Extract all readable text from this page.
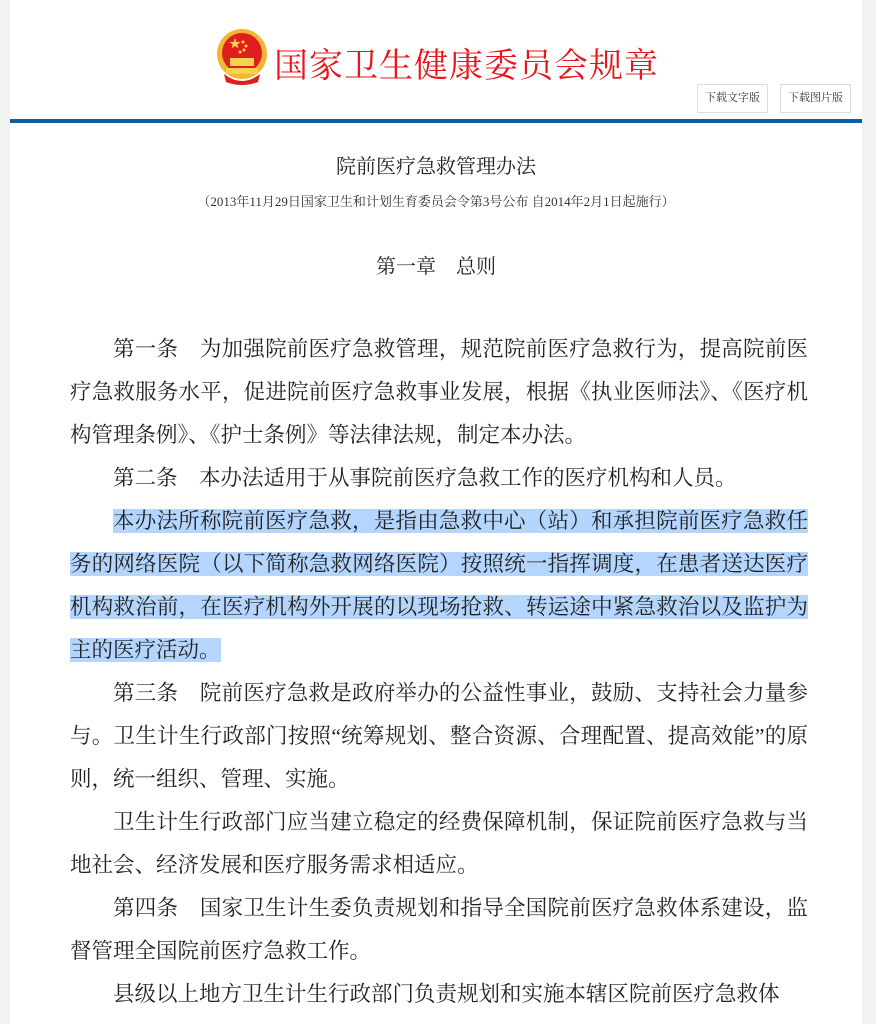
国家卫生健康委员会规章
下载文字版	下载图片版
院前医疗急救管理办法
（2013年11月29日国家卫生和计划生育委员会令第3号公布 自2014年2月1日起施行）
第一章　总则

第一条　为加强院前医疗急救管理，规范院前医疗急救行为，提高院前医疗急救服务水平，促进院前医疗急救事业发展，根据《执业医师法》、《医疗机构管理条例》、《护士条例》等法律法规，制定本办法。

第二条　本办法适用于从事院前医疗急救工作的医疗机构和人员。

本办法所称院前医疗急救，是指由急救中心（站）和承担院前医疗急救任务的网络医院（以下简称急救网络医院）按照统一指挥调度，在患者送达医疗机构救治前，在医疗机构外开展的以现场抢救、转运途中紧急救治以及监护为主的医疗活动。

第三条　院前医疗急救是政府举办的公益性事业，鼓励、支持社会力量参与。卫生计生行政部门按照“统筹规划、整合资源、合理配置、提高效能”的原则，统一组织、管理、实施。

卫生计生行政部门应当建立稳定的经费保障机制，保证院前医疗急救与当地社会、经济发展和医疗服务需求相适应。

第四条　国家卫生计生委负责规划和指导全国院前医疗急救体系建设，监督管理全国院前医疗急救工作。

县级以上地方卫生计生行政部门负责规划和实施本辖区院前医疗急救体
